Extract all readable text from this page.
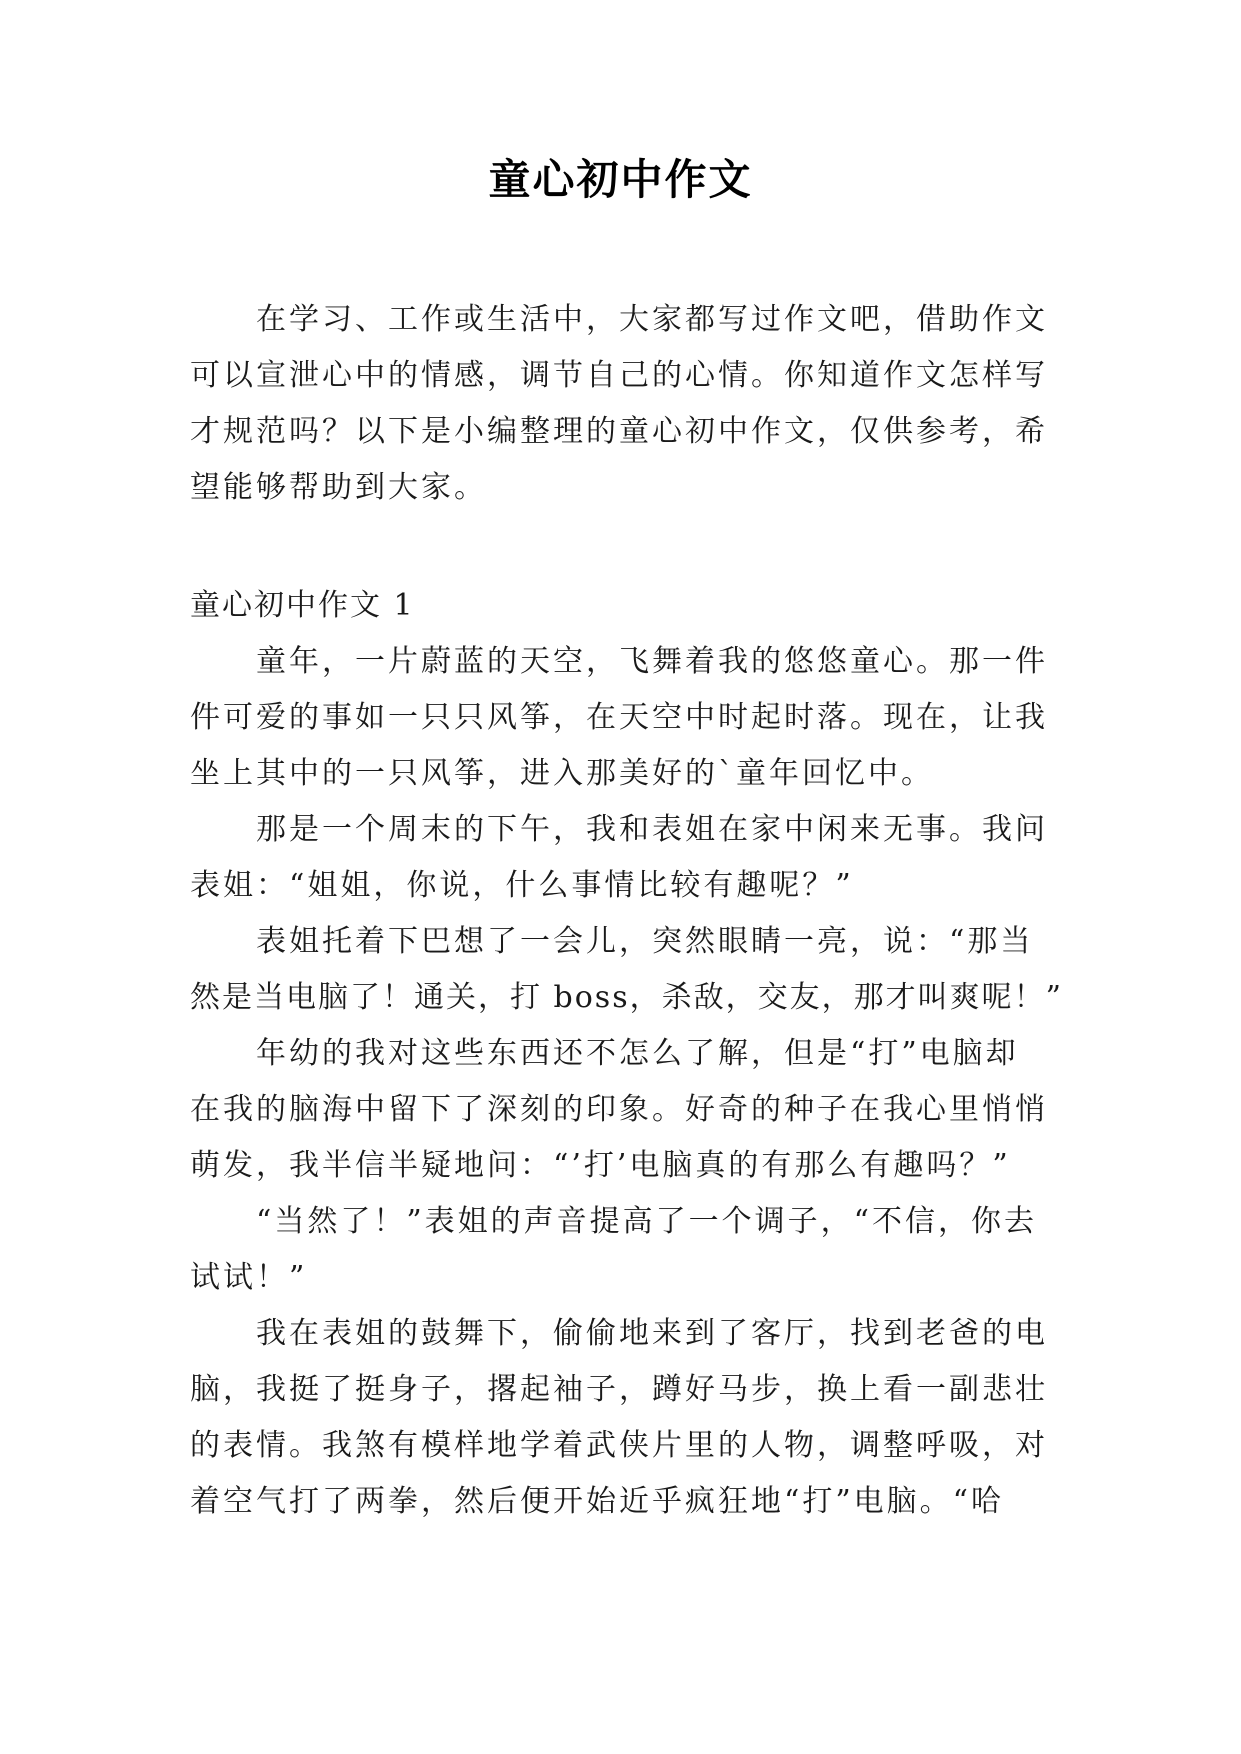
童心初中作文
在学习、工作或生活中，大家都写过作文吧，借助作文
可以宣泄心中的情感，调节自己的心情。你知道作文怎样写
才规范吗？以下是小编整理的童心初中作文，仅供参考，希
望能够帮助到大家。
童心初中作文 1
童年，一片蔚蓝的天空，飞舞着我的悠悠童心。那一件
件可爱的事如一只只风筝，在天空中时起时落。现在，让我
坐上其中的一只风筝，进入那美好的`童年回忆中。
那是一个周末的下午，我和表姐在家中闲来无事。我问
表姐：“姐姐，你说，什么事情比较有趣呢？”
表姐托着下巴想了一会儿，突然眼睛一亮，说：“那当
然是当电脑了！通关，打 boss，杀敌，交友，那才叫爽呢！”
年幼的我对这些东西还不怎么了解，但是“打”电脑却
在我的脑海中留下了深刻的印象。好奇的种子在我心里悄悄
萌发，我半信半疑地问：“’打’电脑真的有那么有趣吗？”
“当然了！”表姐的声音提高了一个调子，“不信，你去
试试！”
我在表姐的鼓舞下，偷偷地来到了客厅，找到老爸的电
脑，我挺了挺身子，撂起袖子，蹲好马步，换上看一副悲壮
的表情。我煞有模样地学着武侠片里的人物，调整呼吸，对
着空气打了两拳，然后便开始近乎疯狂地“打”电脑。“哈
